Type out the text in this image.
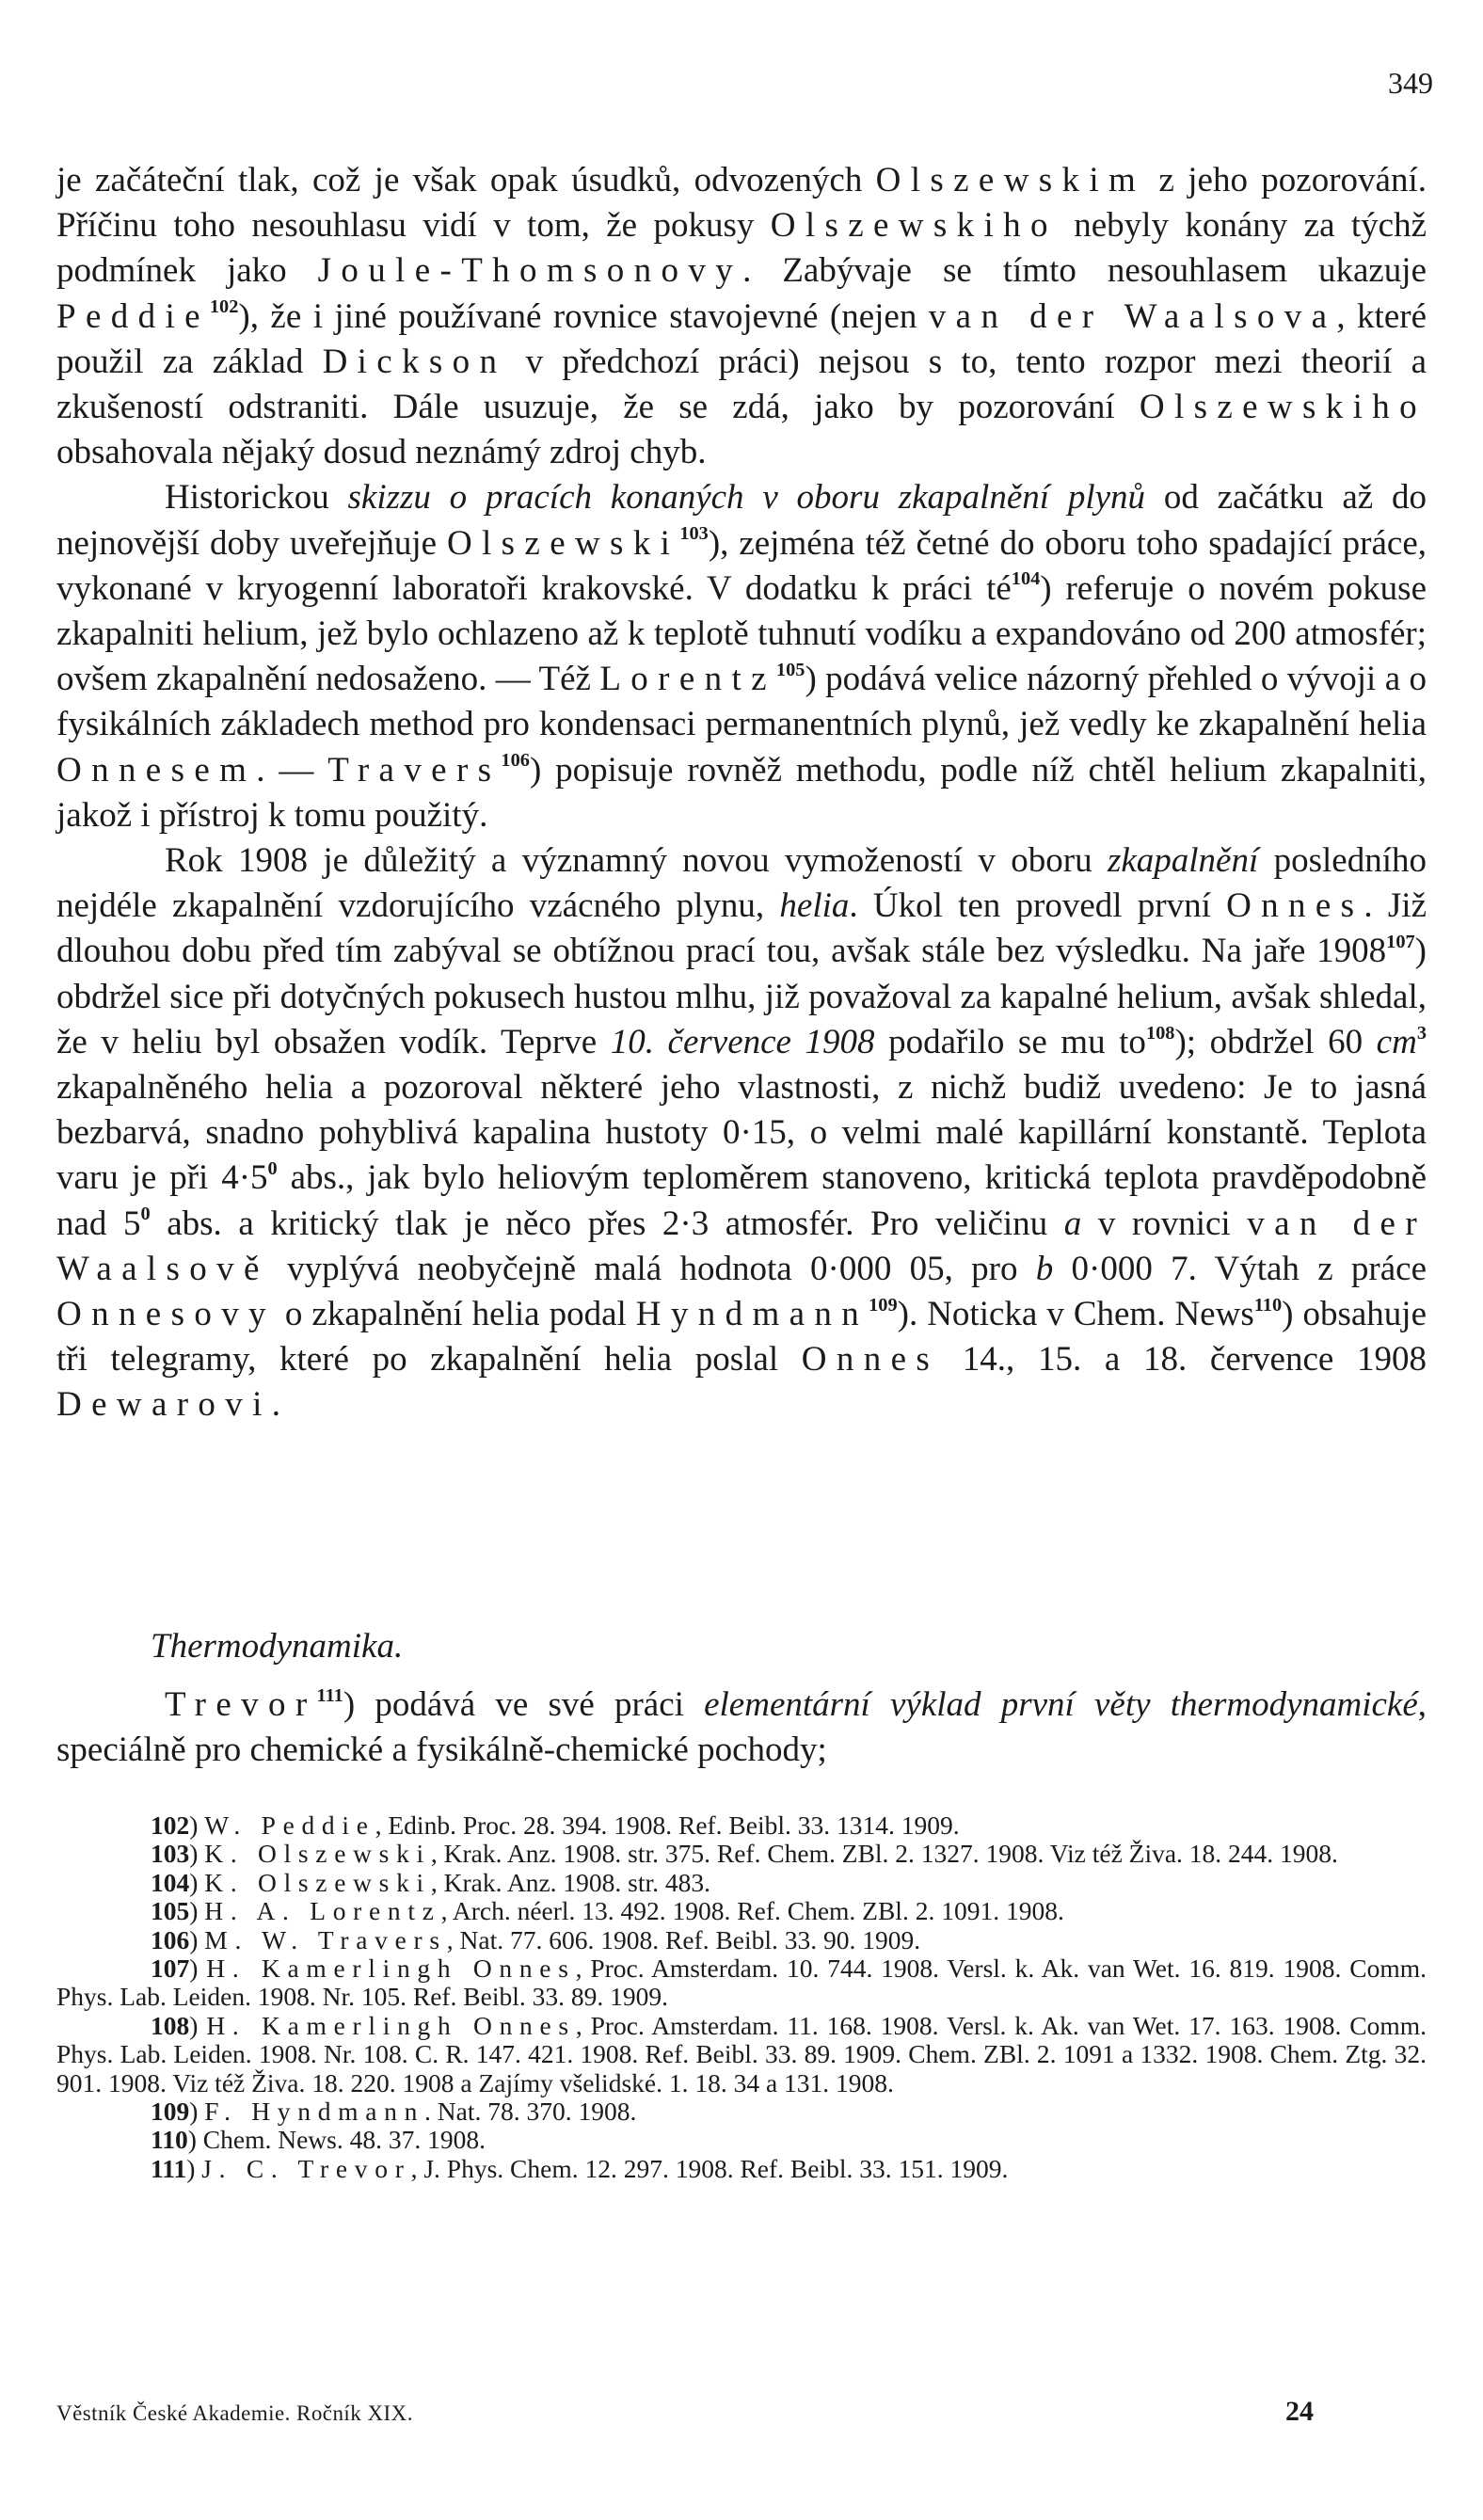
349

je začáteční tlak, což je však opak úsudků, odvozených Olszewskim z jeho pozorování. Příčinu toho nesouhlasu vidí v tom, že pokusy Olszewskiho nebyly konány za týchž podmínek jako Joule-Thomsonovy. Zabývaje se tímto nesouhlasem ukazuje Peddie$^{102}$), že i jiné používané rovnice stavojevné (nejen van der Waalsova, které použil za základ Dickson v předchozí práci) nejsou s to, tento rozpor mezi theorií a zkušeností odstraniti. Dále usuzuje, že se zdá, jako by pozorování Olszewskiho obsahovala nějaký dosud neznámý zdroj chyb.

Historickou skizzu o pracích konaných v oboru zkapalnění plynů od začátku až do nejnovější doby uveřejňuje Olszewski$^{103}$), zejména též četné do oboru toho spadající práce, vykonané v kryogenní laboratoři krakovské. V dodatku k práci $té^{104}$) referuje o novém pokuse zkapalniti helium, jež bylo ochlazeno až k teplotě tuhnutí vodíku a expandováno od 200 atmosfér; ovšem zkapalnění nedosaženo. — Též Lorentz$^{105}$) podává velice názorný přehled o vývoji a o fysikálních základech method pro kondensaci permanentních plynů, jež vedly ke zkapalnění helia Onnesem. — Travers$^{106}$) popisuje rovněž methodu, podle níž chtěl helium zkapalniti, jakož i přístroj k tomu použitý.

Rok 1908 je důležitý a významný novou vymožeností v oboru zkapalnění posledního nejdéle zkapalnění vzdorujícího vzácného plynu, helia. Úkol ten provedl první Onnes. Již dlouhou dobu před tím zabýval se obtížnou prací tou, avšak stále bez výsledku. Na jaře 1908$^{107}$) obdržel sice při dotyčných pokusech hustou mlhu, již považoval za kapalné helium, avšak shledal, že v heliu byl obsažen vodík. Teprve 10. července 1908 podařilo se mu $to^{108}$); obdržel 60 $cm^3$ zkapalněného helia a pozoroval některé jeho vlastnosti, z nichž budiž uvedeno: Je to jasná bezbarvá, snadno pohyblivá kapalina hustoty 0·15, o velmi malé kapillární konstantě. Teplota varu je při $4\cdot 5^0$ abs., jak bylo heliovým teploměrem stanoveno, kritická teplota pravděpodobně nad $5^0$ abs. a kritický tlak je něco přes 2·3 atmosfér. Pro veličinu a v rovnici van der Waalsově vyplývá neobyčejně malá hodnota 0·000 05, pro b 0·000 7. Výtah z práce Onnesovy o zkapalnění helia podal Hyndmann$^{109}$). Noticka v Chem. News$^{110}$) obsahuje tři telegramy, které po zkapalnění helia poslal Onnes 14., 15. a 18. července 1908 Dewarovi.

Thermodynamika.

Trevor$^{111}$) podává ve své práci elementární výklad první věty thermodynamické, speciálně pro chemické a fysikálně-chemické pochody;

102) W. Peddie, Edinb. Proc. 28. 394. 1908. Ref. Beibl. 33. 1314. 1909.

103) K. Olszewski, Krak. Anz. 1908. str. 375. Ref. Chem. ZBl. 2. 1327. 1908. Viz též Živa. 18. 244. 1908.

104) K. Olszewski, Krak. Anz. 1908. str. 483.

105) H. A. Lorentz, Arch. néerl. 13. 492. 1908. Ref. Chem. ZBl. 2. 1091. 1908.

106) M. W. Travers, Nat. 77. 606. 1908. Ref. Beibl. 33. 90. 1909.

107) H. Kamerlingh Onnes, Proc. Amsterdam. 10. 744. 1908. Versl. k. Ak. van Wet. 16. 819. 1908. Comm. Phys. Lab. Leiden. 1908. Nr. 105. Ref. Beibl. 33. 89. 1909.

108) H. Kamerlingh Onnes, Proc. Amsterdam. 11. 168. 1908. Versl. k. Ak. van Wet. 17. 163. 1908. Comm. Phys. Lab. Leiden. 1908. Nr. 108. C. R. 147. 421. 1908. Ref. Beibl. 33. 89. 1909. Chem. ZBl. 2. 1091 a 1332. 1908. Chem. Ztg. 32. 901. 1908. Viz též Živa. 18. 220. 1908 a Zajímy všelidské. 1. 18. 34 a 131. 1908.

109) F. Hyndmann. Nat. 78. 370. 1908.

110) Chem. News. 48. 37. 1908.

111) J. C. Trevor, J. Phys. Chem. 12. 297. 1908. Ref. Beibl. 33. 151. 1909.

Věstník České Akademie. Ročník XIX.	24
